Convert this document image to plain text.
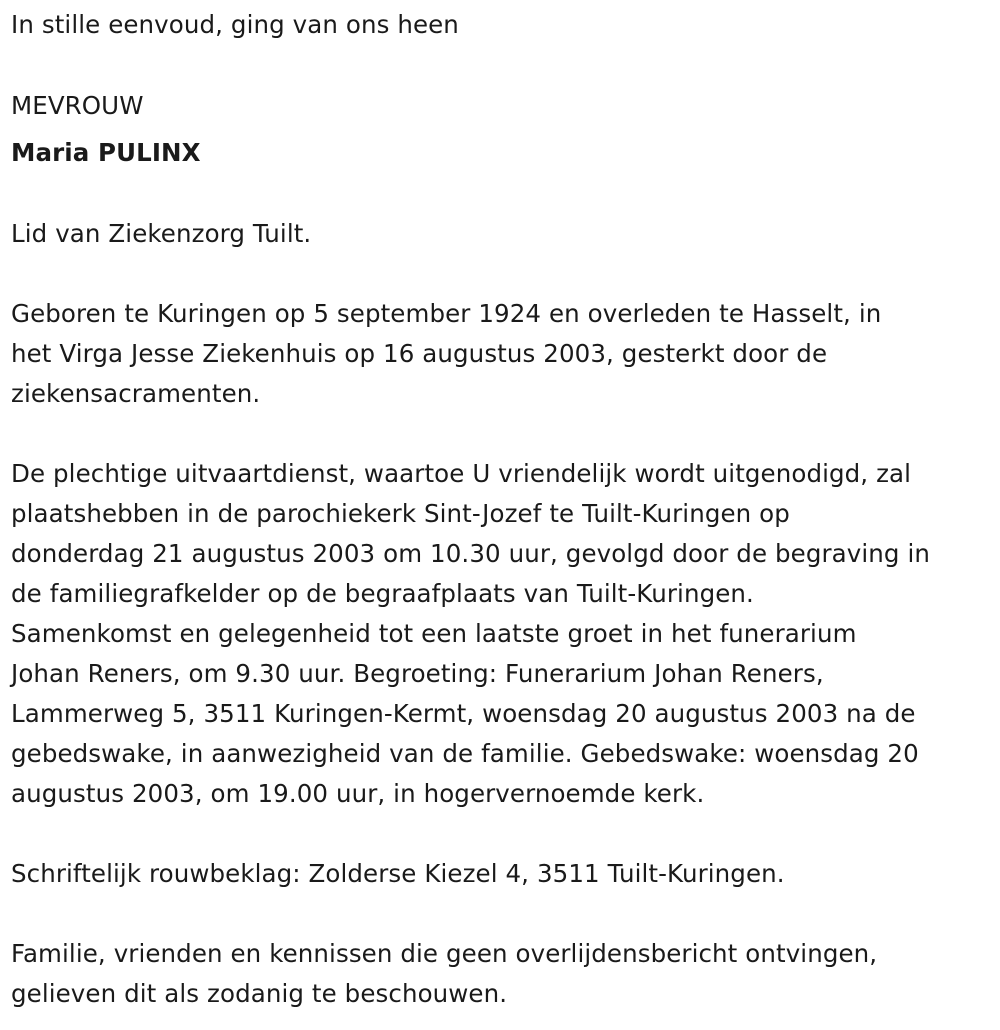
In stille eenvoud, ging van ons heen

MEVROUW

Maria PULINX

Lid van Ziekenzorg Tuilt.

Geboren te Kuringen op 5 september 1924 en overleden te Hasselt, in
het Virga Jesse Ziekenhuis op 16 augustus 2003, gesterkt door de
ziekensacramenten.
De plechtige uitvaartdienst, waartoe U vriendelijk wordt uitgenodigd, zal
plaatshebben in de parochiekerk Sint-Jozef te Tuilt-Kuringen op
donderdag 21 augustus 2003 om 10.30 uur, gevolgd door de begraving in
de familiegrafkelder op de begraafplaats van Tuilt-Kuringen.
Samenkomst en gelegenheid tot een laatste groet in het funerarium
Johan Reners, om 9.30 uur. Begroeting: Funerarium Johan Reners,
Lammerweg 5, 3511 Kuringen-Kermt, woensdag 20 augustus 2003 na de
gebedswake, in aanwezigheid van de familie. Gebedswake: woensdag 20
augustus 2003, om 19.00 uur, in hogervernoemde kerk.

Schriftelijk rouwbeklag: Zolderse Kiezel 4, 3511 Tuilt-Kuringen.

Familie, vrienden en kennissen die geen overlijdensbericht ontvingen,
gelieven dit als zodanig te beschouwen.
